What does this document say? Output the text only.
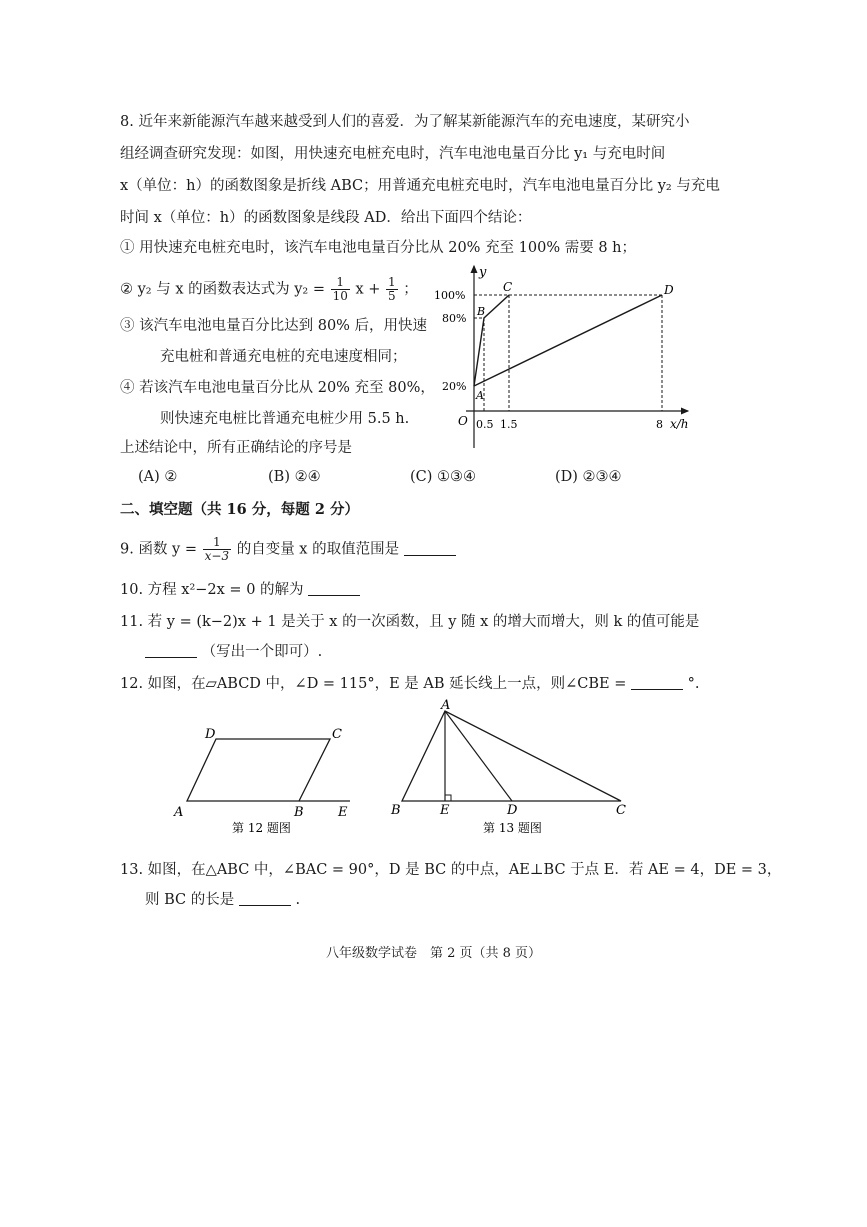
8. 近年来新能源汽车越来越受到人们的喜爱．为了解某新能源汽车的充电速度，某研究小
组经调查研究发现：如图，用快速充电桩充电时，汽车电池电量百分比 y₁ 与充电时间
x（单位：h）的函数图象是折线 ABC；用普通充电桩充电时，汽车电池电量百分比 y₂ 与充电
时间 x（单位：h）的函数图象是线段 AD．给出下面四个结论：
① 用快速充电桩充电时，该汽车电池电量百分比从 20% 充至 100% 需要 8 h；
② y₂ 与 x 的函数表达式为 $y_2 = \frac{1}{10}$ $x + \frac{1}{5}$ ；
③ 该汽车电池电量百分比达到 80% 后，用快速
充电桩和普通充电桩的充电速度相同；
④ 若该汽车电池电量百分比从 20% 充至 80%，
则快速充电桩比普通充电桩少用 5.5 h.
上述结论中，所有正确结论的序号是
(A) ②	(B) ②④	(C) ①③④	(D) ②③④
y
x/h
O
100%
80%
20%
0.5 1.5	8
A
B
C	D
二、填空题（共 16 分，每题 2 分）
9. 函数 $y = \frac{1}{x-3}$ 的自变量 x 的取值范围是
10. 方程 x²−2x = 0 的解为
11. 若 y = (k−2)x + 1 是关于 x 的一次函数，且 y 随 x 的增大而增大，则 k 的值可能是
（写出一个即可）.
12. 如图，在▱ABCD 中，∠D = 115°，E 是 AB 延长线上一点，则∠CBE =	°.
A	B
C
D
E
第 12 题图
A
B	C
D
E
第 13 题图
13. 如图，在△ABC 中，∠BAC = 90°，D 是 BC 的中点，AE⊥BC 于点 E．若 AE = 4，DE = 3，
则 BC 的长是	.
八年级数学试卷　第 2 页（共 8 页）
